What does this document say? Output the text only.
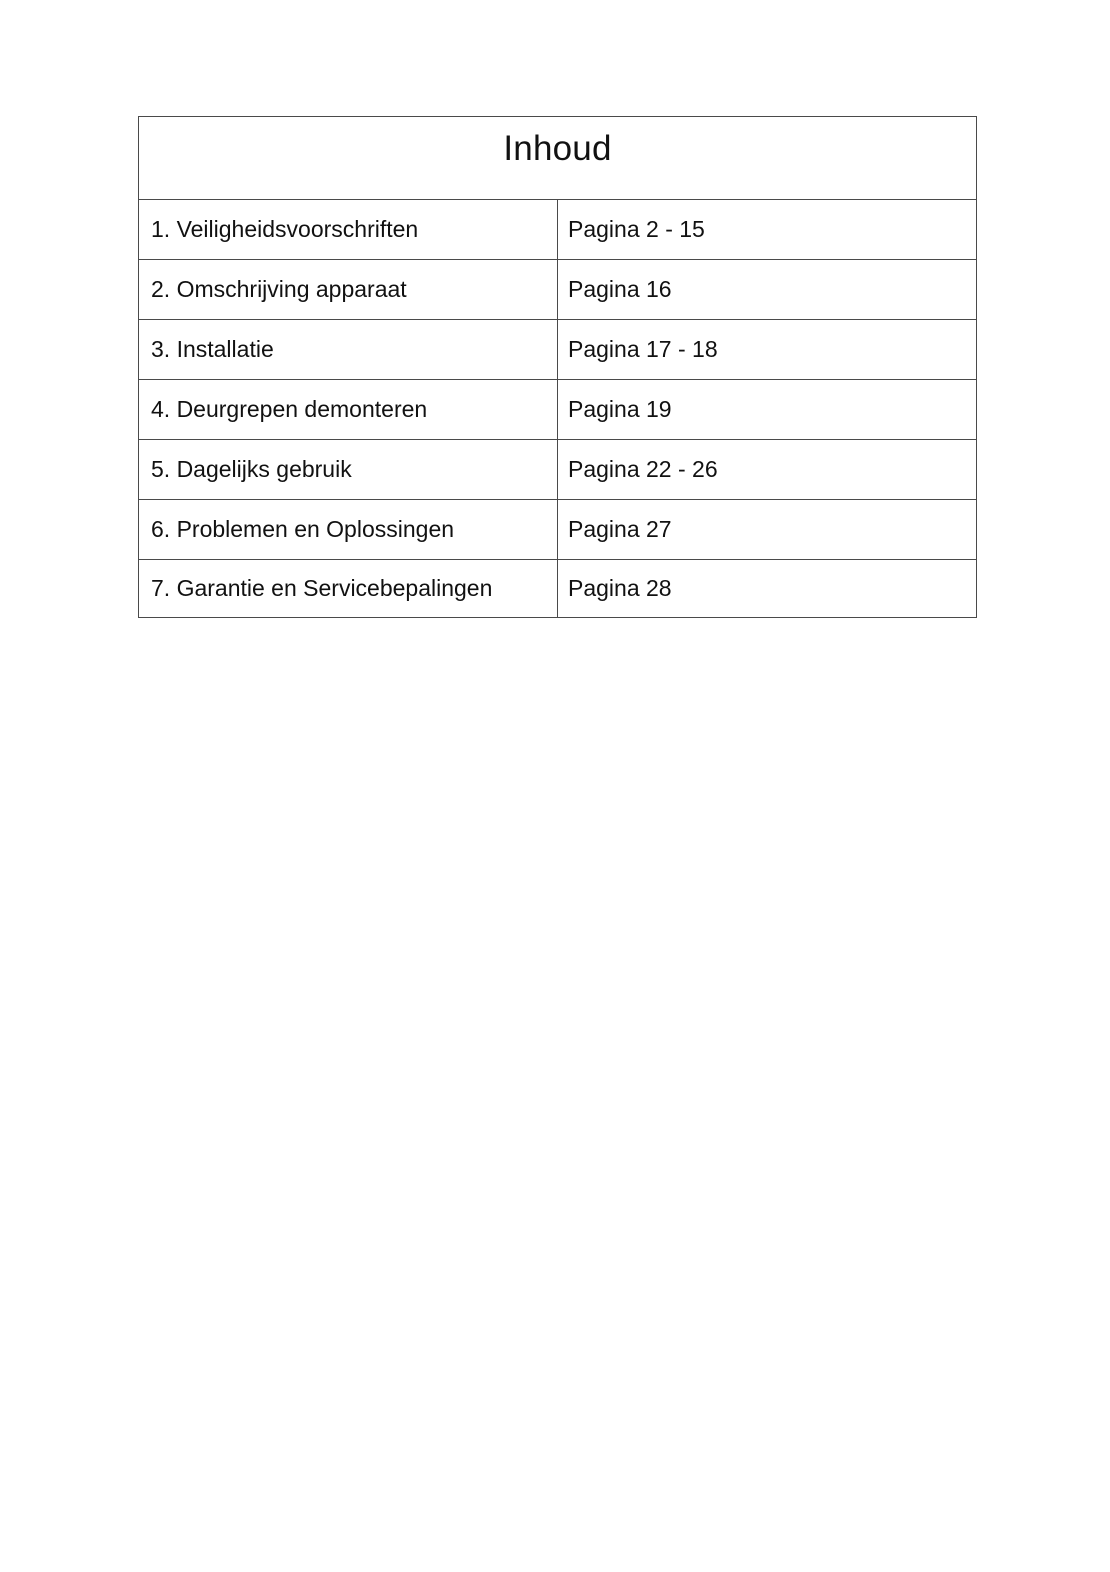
Inhoud	

1. Veiligheidsvoorschriften	Pagina 2 - 15
2. Omschrijving apparaat	Pagina 16
3. Installatie	Pagina 17 - 18
4. Deurgrepen demonteren	Pagina 19
5. Dagelijks gebruik	Pagina 22 - 26
6. Problemen en Oplossingen	Pagina 27
7. Garantie en Servicebepalingen	Pagina 28
